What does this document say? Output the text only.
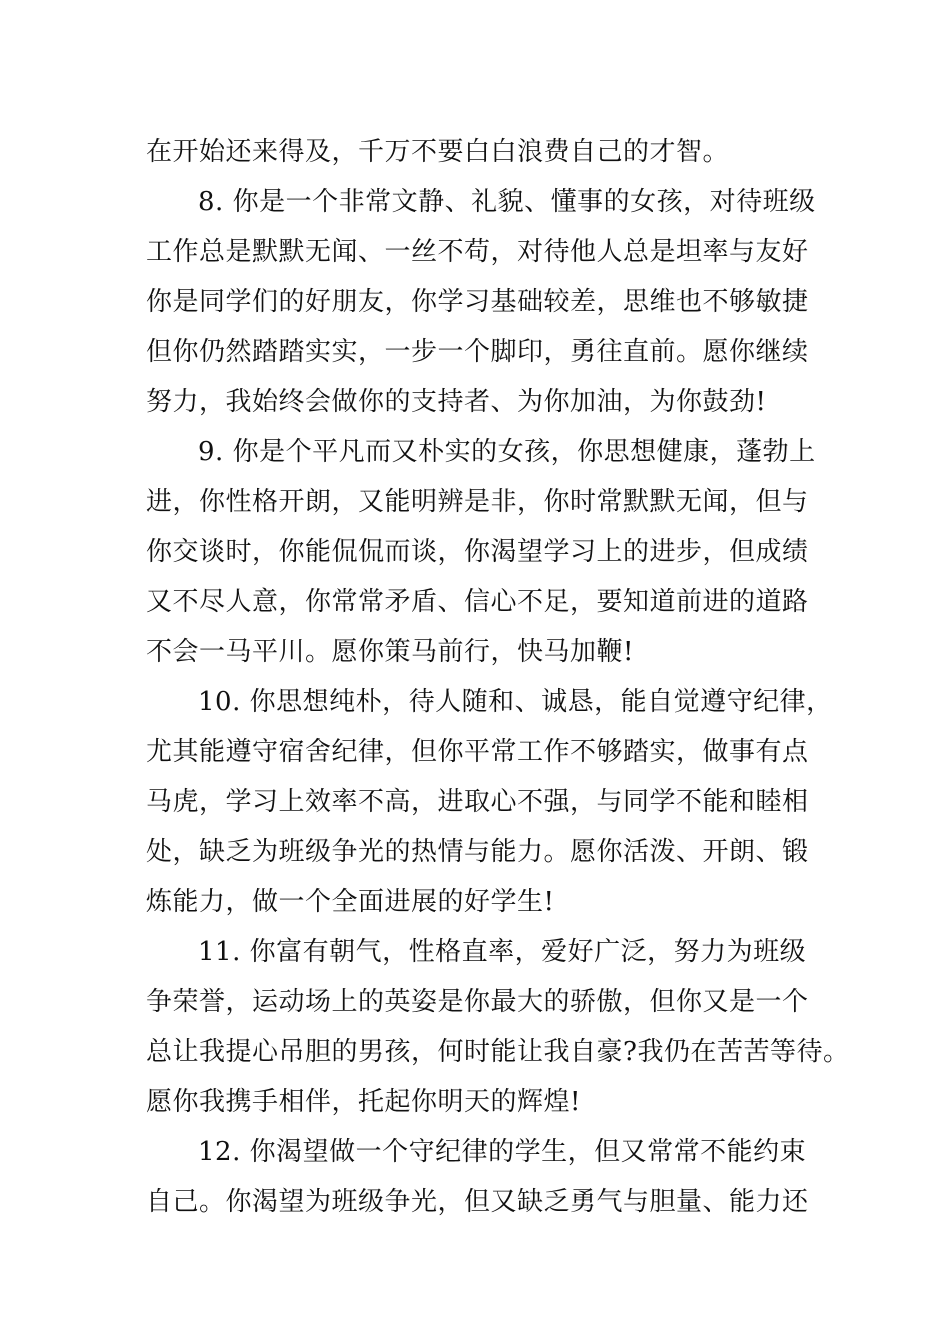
在开始还来得及，千万不要白白浪费自己的才智。
8. 你是一个非常文静、礼貌、懂事的女孩，对待班级
工作总是默默无闻、一丝不苟，对待他人总是坦率与友好
你是同学们的好朋友，你学习基础较差，思维也不够敏捷
但你仍然踏踏实实，一步一个脚印，勇往直前。愿你继续
努力，我始终会做你的支持者、为你加油，为你鼓劲!
9. 你是个平凡而又朴实的女孩，你思想健康，蓬勃上
进，你性格开朗，又能明辨是非，你时常默默无闻，但与
你交谈时，你能侃侃而谈，你渴望学习上的进步，但成绩
又不尽人意，你常常矛盾、信心不足，要知道前进的道路
不会一马平川。愿你策马前行，快马加鞭!
10. 你思想纯朴，待人随和、诚恳，能自觉遵守纪律，
尤其能遵守宿舍纪律，但你平常工作不够踏实，做事有点
马虎，学习上效率不高，进取心不强，与同学不能和睦相
处，缺乏为班级争光的热情与能力。愿你活泼、开朗、锻
炼能力，做一个全面进展的好学生!
11. 你富有朝气，性格直率，爱好广泛，努力为班级
争荣誉，运动场上的英姿是你最大的骄傲，但你又是一个
总让我提心吊胆的男孩，何时能让我自豪?我仍在苦苦等待。
愿你我携手相伴，托起你明天的辉煌!
12. 你渴望做一个守纪律的学生，但又常常不能约束
自己。你渴望为班级争光，但又缺乏勇气与胆量、能力还
